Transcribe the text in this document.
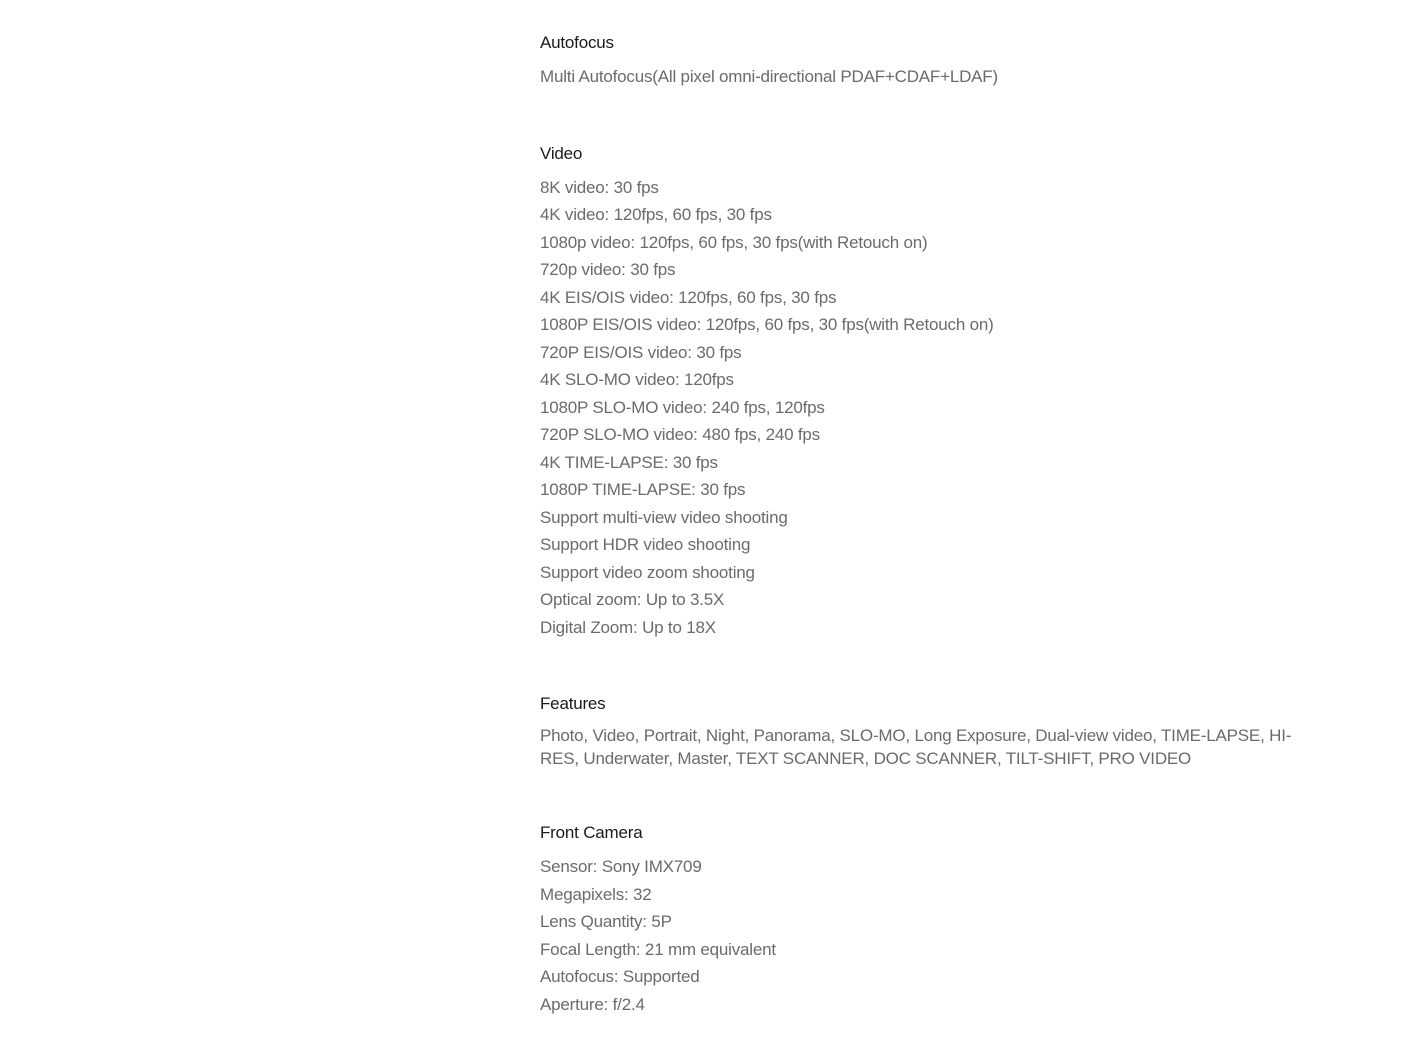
Autofocus

Multi Autofocus(All pixel omni-directional PDAF+CDAF+LDAF)

Video

8K video: 30 fps

4K video: 120fps, 60 fps, 30 fps

1080p video: 120fps, 60 fps, 30 fps(with Retouch on)

720p video: 30 fps

4K EIS/OIS video: 120fps, 60 fps, 30 fps

1080P EIS/OIS video: 120fps, 60 fps, 30 fps(with Retouch on)

720P EIS/OIS video: 30 fps

4K SLO-MO video: 120fps

1080P SLO-MO video: 240 fps, 120fps

720P SLO-MO video: 480 fps, 240 fps

4K TIME-LAPSE: 30 fps

1080P TIME-LAPSE: 30 fps

Support multi-view video shooting

Support HDR video shooting

Support video zoom shooting

Optical zoom: Up to 3.5X

Digital Zoom: Up to 18X

Features

Photo, Video, Portrait, Night, Panorama, SLO-MO, Long Exposure, Dual-view video, TIME-LAPSE, HI-RES, Underwater, Master, TEXT SCANNER, DOC SCANNER, TILT-SHIFT, PRO VIDEO

Front Camera

Sensor: Sony IMX709

Megapixels: 32

Lens Quantity: 5P

Focal Length: 21 mm equivalent

Autofocus: Supported

Aperture: f/2.4
